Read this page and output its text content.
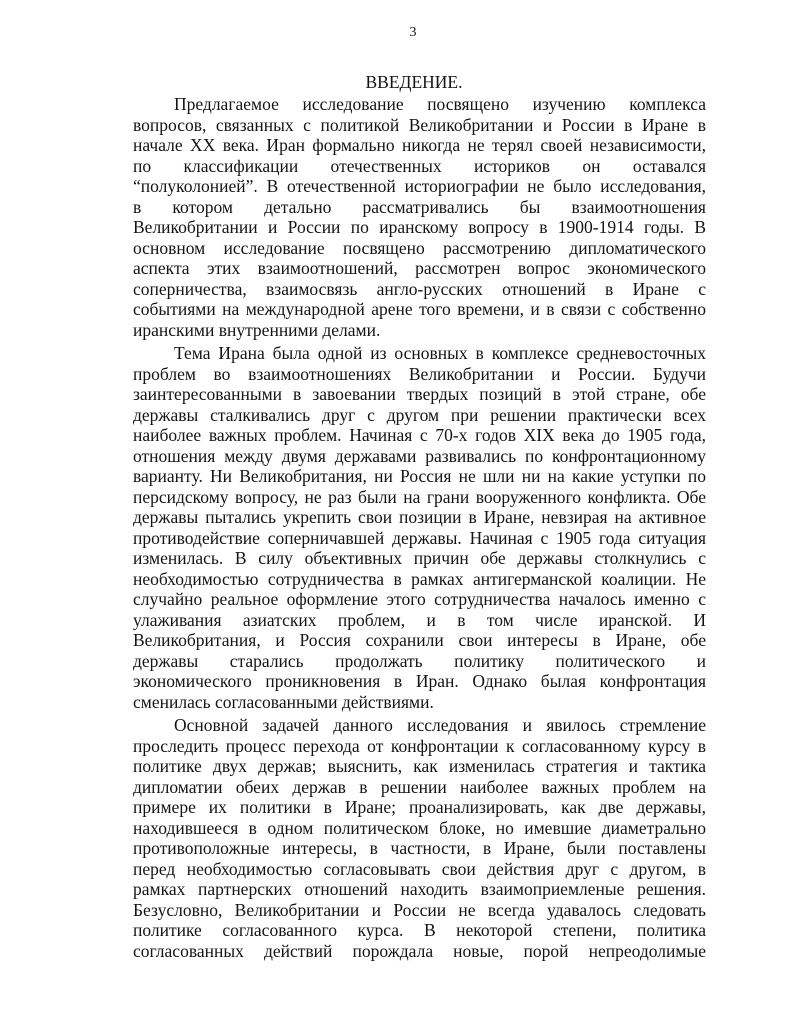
3
ВВЕДЕНИЕ.
Предлагаемое исследование посвящено изучению комплекса
вопросов, связанных с политикой Великобритании и России в Иране в
начале XX века. Иран формально никогда не терял своей независимости,
по классификации отечественных историков он оставался
“полуколонией”. В отечественной историографии не было исследования,
в котором детально рассматривались бы взаимоотношения
Великобритании и России по иранскому вопросу в 1900-1914 годы. В
основном исследование посвящено рассмотрению дипломатического
аспекта этих взаимоотношений, рассмотрен вопрос экономического
соперничества, взаимосвязь англо-русских отношений в Иране с
событиями на международной арене того времени, и в связи с собственно
иранскими внутренними делами.
Тема Ирана была одной из основных в комплексе средневосточных
проблем во взаимоотношениях Великобритании и России. Будучи
заинтересованными в завоевании твердых позиций в этой стране, обе
державы сталкивались друг с другом при решении практически всех
наиболее важных проблем. Начиная с 70-х годов XIX века до 1905 года,
отношения между двумя державами развивались по конфронтационному
варианту. Ни Великобритания, ни Россия не шли ни на какие уступки по
персидскому вопросу, не раз были на грани вооруженного конфликта. Обе
державы пытались укрепить свои позиции в Иране, невзирая на активное
противодействие соперничавшей державы. Начиная с 1905 года ситуация
изменилась. В силу объективных причин обе державы столкнулись с
необходимостью сотрудничества в рамках антигерманской коалиции. Не
случайно реальное оформление этого сотрудничества началось именно с
улаживания азиатских проблем, и в том числе иранской. И
Великобритания, и Россия сохранили свои интересы в Иране, обе
державы старались продолжать политику политического и
экономического проникновения в Иран. Однако былая конфронтация
сменилась согласованными действиями.
Основной задачей данного исследования и явилось стремление
проследить процесс перехода от конфронтации к согласованному курсу в
политике двух держав; выяснить, как изменилась стратегия и тактика
дипломатии обеих держав в решении наиболее важных проблем на
примере их политики в Иране; проанализировать, как две державы,
находившееся в одном политическом блоке, но имевшие диаметрально
противоположные интересы, в частности, в Иране, были поставлены
перед необходимостью согласовывать свои действия друг с другом, в
рамках партнерских отношений находить взаимоприемленые решения.
Безусловно, Великобритании и России не всегда удавалось следовать
политике согласованного курса. В некоторой степени, политика
согласованных действий порождала новые, порой непреодолимые
